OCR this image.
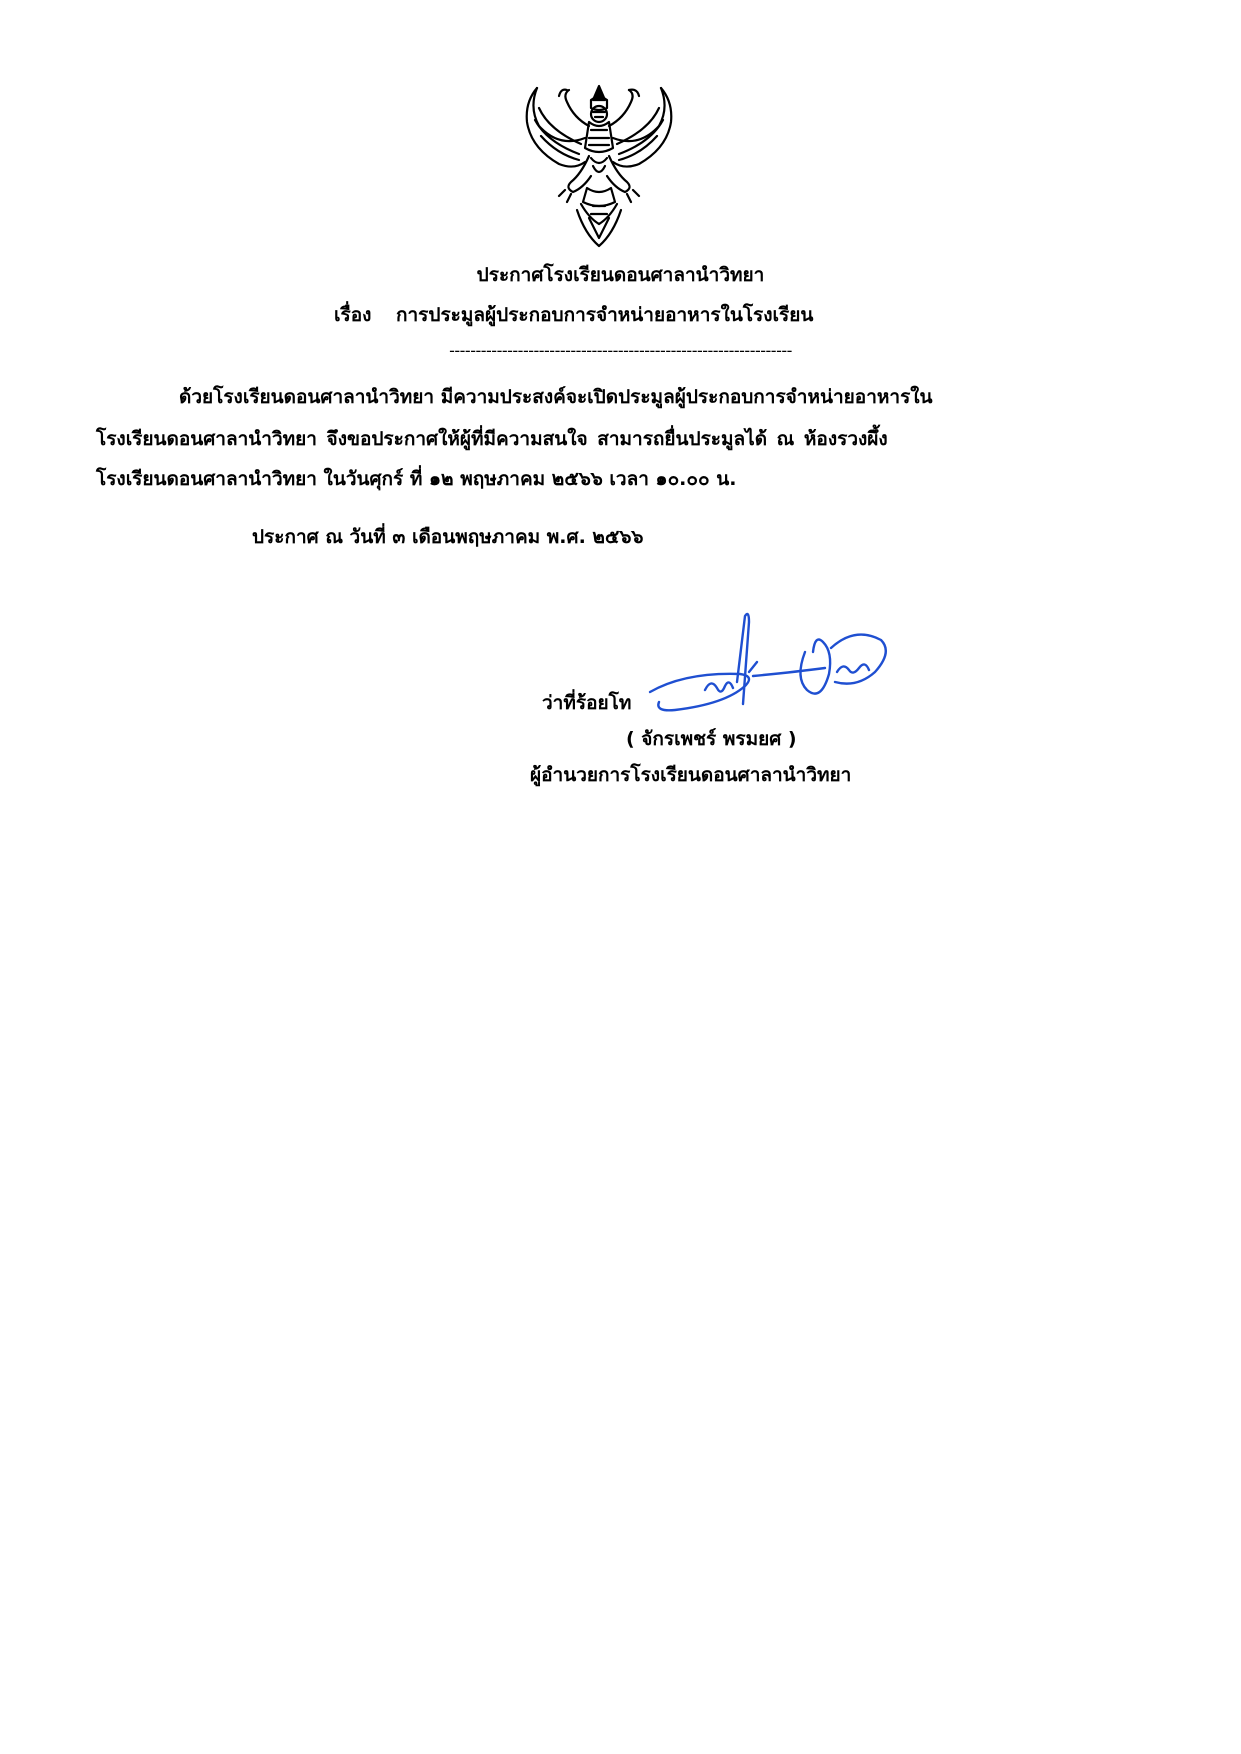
ประกาศโรงเรียนดอนศาลานำวิทยา
เรื่อง การประมูลผู้ประกอบการจำหน่ายอาหารในโรงเรียน
-----------------------------------------------------------------
ด้วยโรงเรียนดอนศาลานำวิทยา มีความประสงค์จะเปิดประมูลผู้ประกอบการจำหน่ายอาหารใน
โรงเรียนดอนศาลานำวิทยา จึงขอประกาศให้ผู้ที่มีความสนใจ สามารถยื่นประมูลได้ ณ ห้องรวงผึ้ง
โรงเรียนดอนศาลานำวิทยา ในวันศุกร์ ที่ ๑๒ พฤษภาคม ๒๕๖๖ เวลา ๑๐.๐๐ น.
ประกาศ ณ วันที่ ๓ เดือนพฤษภาคม พ.ศ. ๒๕๖๖
ว่าที่ร้อยโท
( จักรเพชร์ พรมยศ )
ผู้อำนวยการโรงเรียนดอนศาลานำวิทยา
